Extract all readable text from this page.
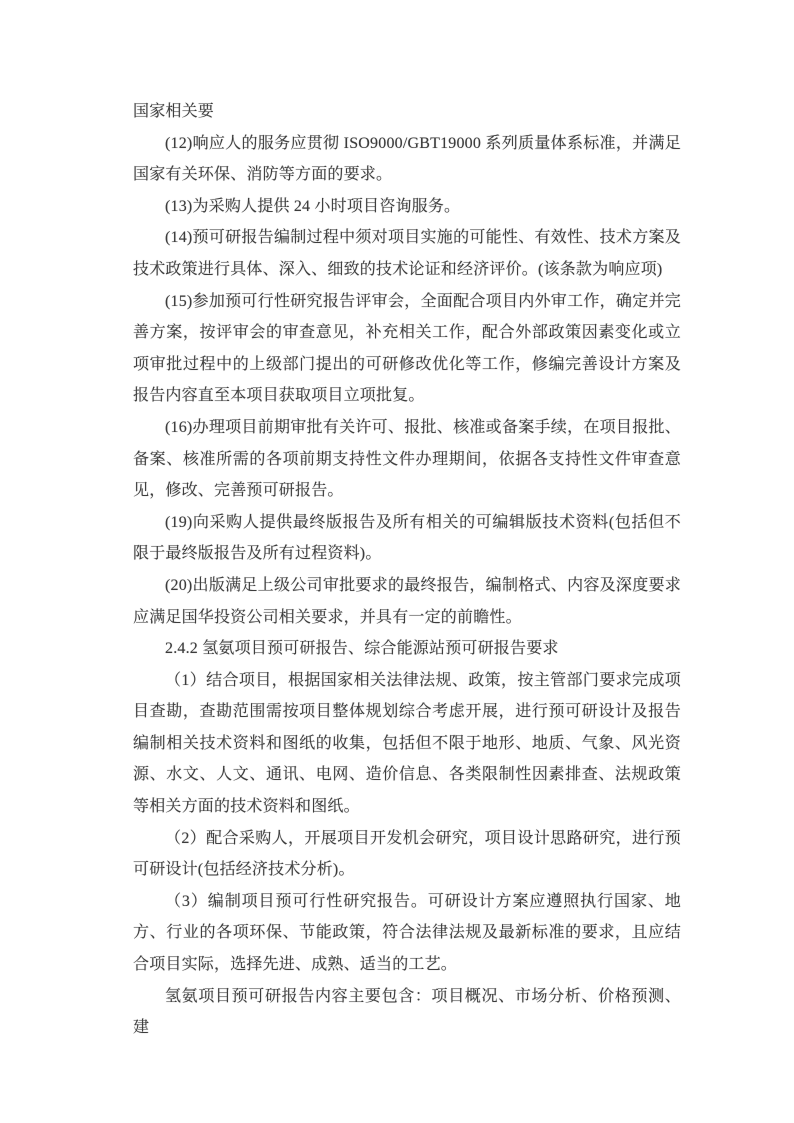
国家相关要

(12)响应人的服务应贯彻 ISO9000/GBT19000 系列质量体系标准，并满足国家有关环保、消防等方面的要求。

(13)为采购人提供 24 小时项目咨询服务。

(14)预可研报告编制过程中须对项目实施的可能性、有效性、技术方案及技术政策进行具体、深入、细致的技术论证和经济评价。(该条款为响应项)

(15)参加预可行性研究报告评审会，全面配合项目内外审工作，确定并完善方案，按评审会的审查意见，补充相关工作，配合外部政策因素变化或立项审批过程中的上级部门提出的可研修改优化等工作，修编完善设计方案及报告内容直至本项目获取项目立项批复。

(16)办理项目前期审批有关许可、报批、核准或备案手续，在项目报批、备案、核准所需的各项前期支持性文件办理期间，依据各支持性文件审查意见，修改、完善预可研报告。

(19)向采购人提供最终版报告及所有相关的可编辑版技术资料(包括但不限于最终版报告及所有过程资料)。

(20)出版满足上级公司审批要求的最终报告，编制格式、内容及深度要求应满足国华投资公司相关要求，并具有一定的前瞻性。

2.4.2 氢氨项目预可研报告、综合能源站预可研报告要求

（1）结合项目，根据国家相关法律法规、政策，按主管部门要求完成项目查勘，查勘范围需按项目整体规划综合考虑开展，进行预可研设计及报告编制相关技术资料和图纸的收集，包括但不限于地形、地质、气象、风光资源、水文、人文、通讯、电网、造价信息、各类限制性因素排查、法规政策等相关方面的技术资料和图纸。

（2）配合采购人，开展项目开发机会研究，项目设计思路研究，进行预可研设计(包括经济技术分析)。

（3）编制项目预可行性研究报告。可研设计方案应遵照执行国家、地方、行业的各项环保、节能政策，符合法律法规及最新标准的要求，且应结合项目实际，选择先进、成熟、适当的工艺。

氢氨项目预可研报告内容主要包含：项目概况、市场分析、价格预测、建
